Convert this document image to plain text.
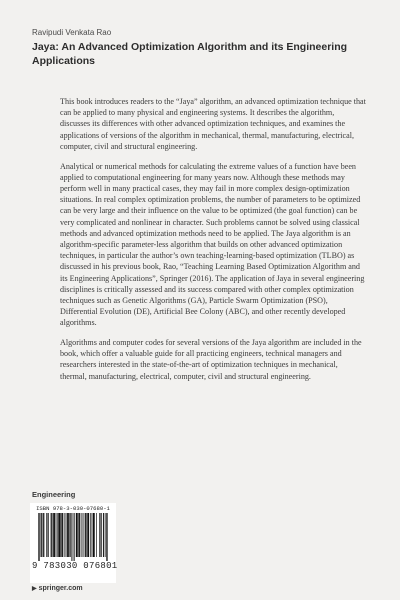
Ravipudi Venkata Rao
Jaya: An Advanced Optimization Algorithm and its Engineering Applications

This book introduces readers to the “Jaya” algorithm, an advanced optimization technique that can be applied to many physical and engineering systems. It describes the algorithm, discusses its differences with other advanced optimization techniques, and examines the applications of versions of the algorithm in mechanical, thermal, manufacturing, electrical, computer, civil and structural engineering.

Analytical or numerical methods for calculating the extreme values of a function have been applied to computational engineering for many years now. Although these methods may perform well in many practical cases, they may fail in more complex design-optimization situations. In real complex optimization problems, the number of parameters to be optimized can be very large and their influence on the value to be optimized (the goal function) can be very complicated and nonlinear in character. Such problems cannot be solved using classical methods and advanced optimization methods need to be applied. The Jaya algorithm is an algorithm-specific parameter-less algorithm that builds on other advanced optimization techniques, in particular the author’s own teaching-learning-based optimization (TLBO) as discussed in his previous book, Rao, “Teaching Learning Based Optimization Algorithm and its Engineering Applications”, Springer (2016). The application of Jaya in several engineering disciplines is critically assessed and its success compared with other complex optimization techniques such as Genetic Algorithms (GA), Particle Swarm Optimization (PSO), Differential Evolution (DE), Artificial Bee Colony (ABC), and other recently developed algorithms.

Algorithms and computer codes for several versions of the Jaya algorithm are included in the book, which offer a valuable guide for all practicing engineers, technical managers and researchers interested in the state-of-the-art of optimization techniques in mechanical, thermal, manufacturing, electrical, computer, civil and structural engineering.

Engineering
ISBN 978-3-030-07680-1
9 783030 076801
▶ springer.com
